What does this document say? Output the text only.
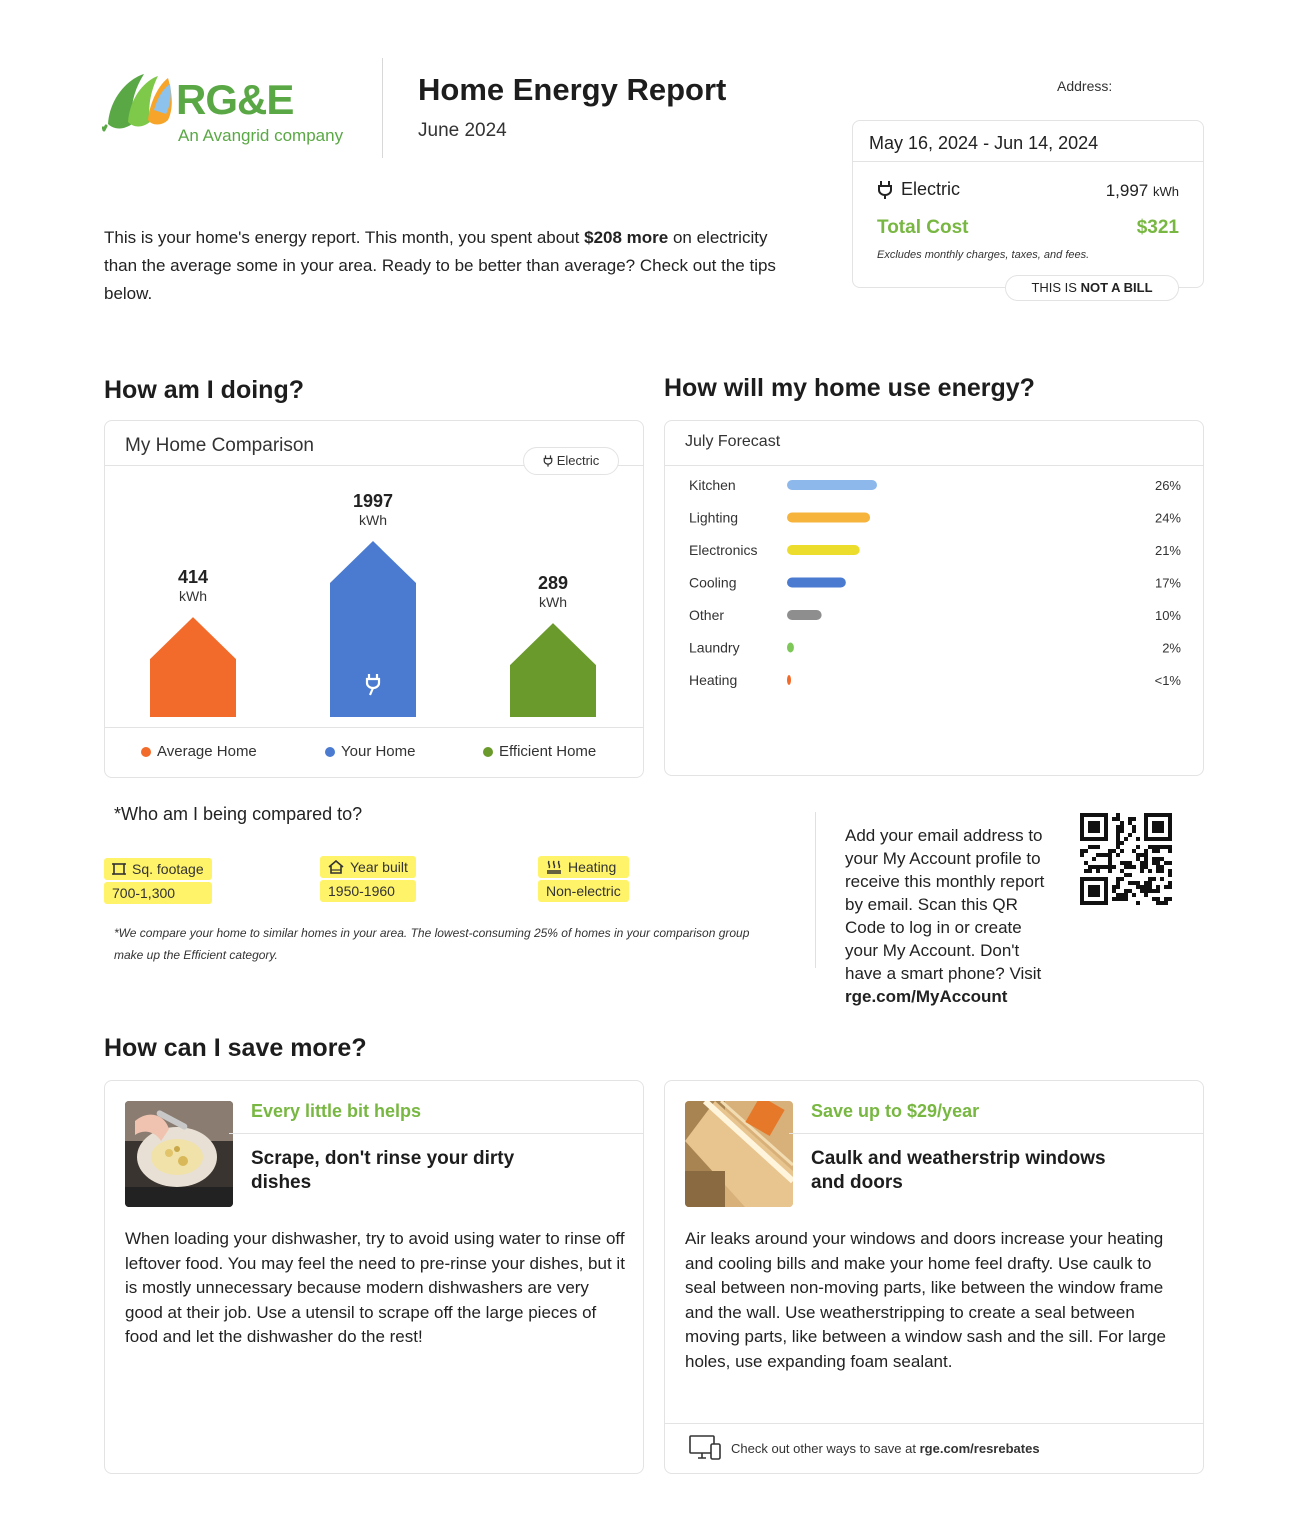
RG&E
An Avangrid company
Home Energy Report
June 2024
Address:
May 16, 2024 - Jun 14, 2024
Electric	1,997 kWh
Total Cost	$321
Excludes monthly charges, taxes, and fees.
THIS IS NOT A BILL
This is your home's energy report. This month, you spent about $208 more on electricity than the average some in your area. Ready to be better than average? Check out the tips below.
How am I doing?	How will my home use energy?
How can I save more?
My Home Comparison
414
kWh
1997
kWh
289
kWh
Electric
Average Home	Your Home	Efficient Home
July Forecast
Kitchen	26%
Lighting	24%
Electronics	21%
Cooling	17%
Other	10%
Laundry	2%
Heating	<1%
*Who am I being compared to?
Sq. footage
700-1,300
Year built
1950-1960
Heating
Non-electric
*We compare your home to similar homes in your area. The lowest-consuming 25% of homes in your comparison group make up the Efficient category.
Add your email address to your My Account profile to receive this monthly report by email. Scan this QR Code to log in or create your My Account. Don't have a smart phone? Visit rge.com/MyAccount
Every little bit helps
Scrape, don't rinse your dirty dishes
When loading your dishwasher, try to avoid using water to rinse off leftover food. You may feel the need to pre-rinse your dishes, but it is mostly unnecessary because modern dishwashers are very good at their job. Use a utensil to scrape off the large pieces of food and let the dishwasher do the rest!
Save up to $29/year
Caulk and weatherstrip windows and doors
Air leaks around your windows and doors increase your heating and cooling bills and make your home feel drafty. Use caulk to seal between non-moving parts, like between the window frame and the wall. Use weatherstripping to create a seal between moving parts, like between a window sash and the sill. For large holes, use expanding foam sealant.
Check out other ways to save at rge.com/resrebates
